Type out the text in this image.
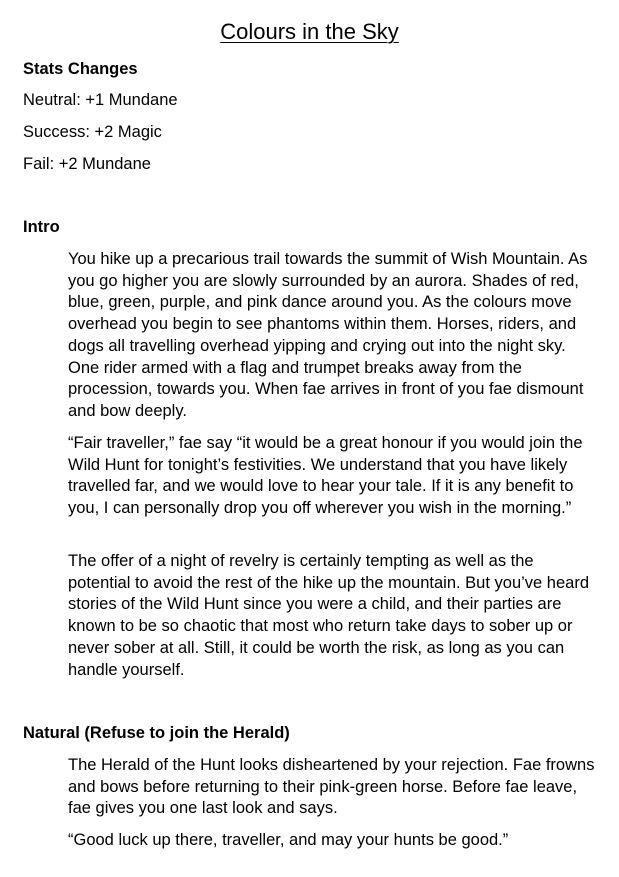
Colours in the Sky
Stats Changes
Neutral: +1 Mundane
Success: +2 Magic
Fail: +2 Mundane
Intro

You hike up a precarious trail towards the summit of Wish Mountain. As you go higher you are slowly surrounded by an aurora. Shades of red, blue, green, purple, and pink dance around you. As the colours move overhead you begin to see phantoms within them. Horses, riders, and dogs all travelling overhead yipping and crying out into the night sky. One rider armed with a flag and trumpet breaks away from the procession, towards you. When fae arrives in front of you fae dismount and bow deeply.

“Fair traveller,” fae say “it would be a great honour if you would join the Wild Hunt for tonight’s festivities. We understand that you have likely travelled far, and we would love to hear your tale. If it is any benefit to you, I can personally drop you off wherever you wish in the morning.”

The offer of a night of revelry is certainly tempting as well as the potential to avoid the rest of the hike up the mountain. But you’ve heard stories of the Wild Hunt since you were a child, and their parties are known to be so chaotic that most who return take days to sober up or never sober at all. Still, it could be worth the risk, as long as you can handle yourself.

Natural (Refuse to join the Herald)

The Herald of the Hunt looks disheartened by your rejection. Fae frowns and bows before returning to their pink-green horse. Before fae leave, fae gives you one last look and says.

“Good luck up there, traveller, and may your hunts be good.”
